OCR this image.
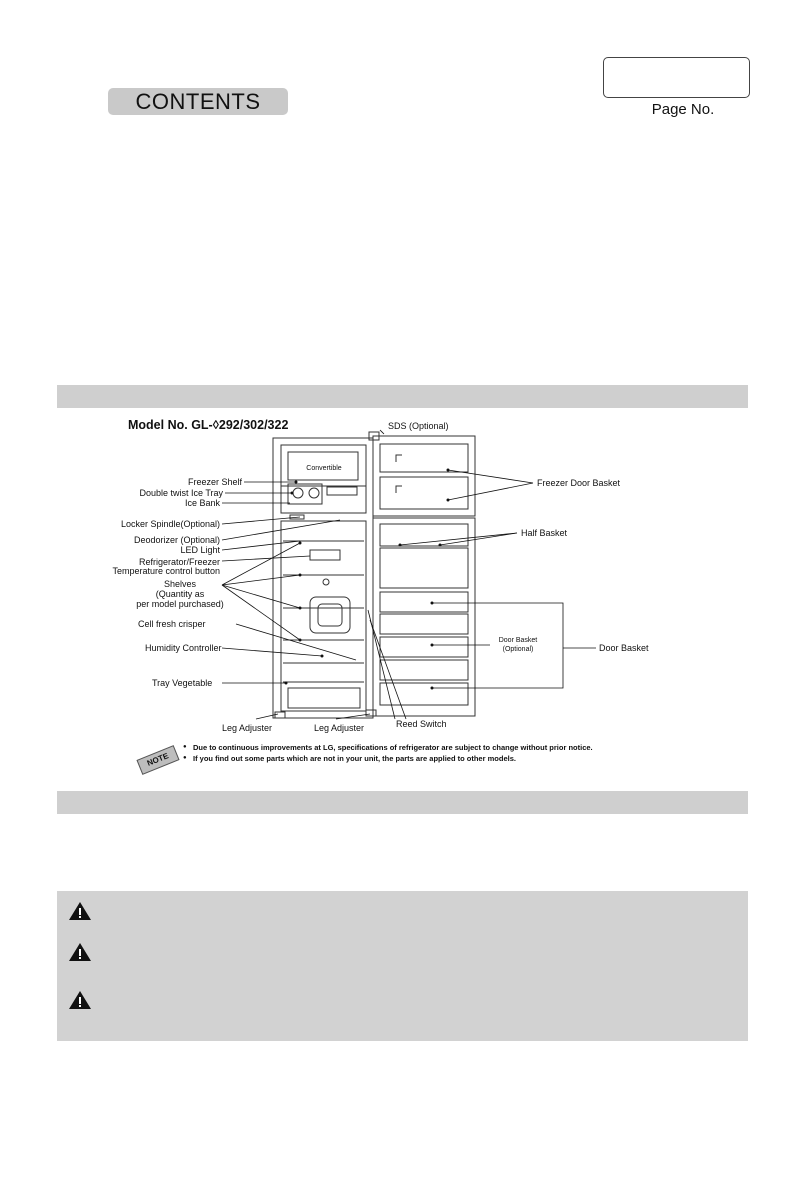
CONTENTS	Page No.
Model No. GL-◊292/302/322
Convertible
SDS (Optional)
Freezer Shelf
Double twist Ice Tray
Ice Bank
Locker Spindle(Optional)
Deodorizer (Optional)
LED Light
Refrigerator/Freezer
Temperature control button
Shelves
(Quantity as
per model purchased)
Cell fresh crisper
Humidity Controller
Tray Vegetable
Leg Adjuster	Leg Adjuster	Reed Switch
Freezer Door Basket
Half Basket
Door Basket
(Optional)	Door Basket
NOTE
● Due to continuous improvements at LG, specifications of refrigerator are subject to change without prior notice.
● If you find out some parts which are not in your unit, the parts are applied to other models.
